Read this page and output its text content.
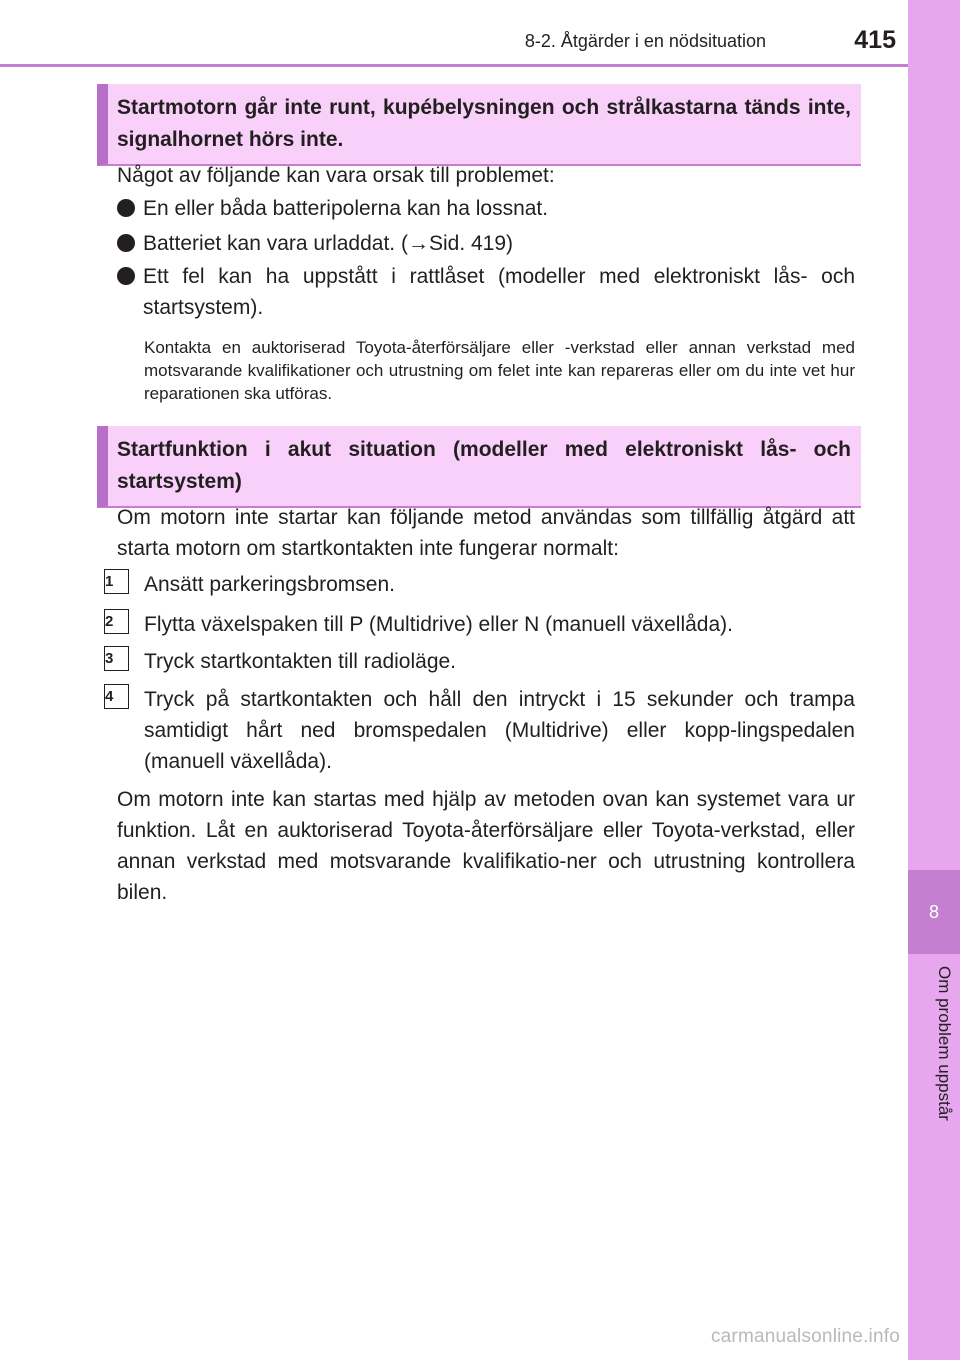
8-2. Åtgärder i en nödsituation	415
8
Om problem uppstår
Startmotorn går inte runt, kupébelysningen och strålkastarna tänds inte, signalhornet hörs inte.
Något av följande kan vara orsak till problemet:
En eller båda batteripolerna kan ha lossnat.
Batteriet kan vara urladdat. (→Sid. 419)
Ett fel kan ha uppstått i rattlåset (modeller med elektroniskt lås- och startsystem).
Kontakta en auktoriserad Toyota-återförsäljare eller -verkstad eller annan verkstad med motsvarande kvalifikationer och utrustning om felet inte kan repareras eller om du inte vet hur reparationen ska utföras.
Startfunktion i akut situation (modeller med elektroniskt lås- och startsystem)
Om motorn inte startar kan följande metod användas som tillfällig åtgärd att starta motorn om startkontakten inte fungerar normalt:
1	Ansätt parkeringsbromsen.
2	Flytta växelspaken till P (Multidrive) eller N (manuell växellåda).
3	Tryck startkontakten till radioläge.
4	Tryck på startkontakten och håll den intryckt i 15 sekunder och trampa samtidigt hårt ned bromspedalen (Multidrive) eller kopp-lingspedalen (manuell växellåda).
Om motorn inte kan startas med hjälp av metoden ovan kan systemet vara ur funktion. Låt en auktoriserad Toyota-återförsäljare eller Toyota-verkstad, eller annan verkstad med motsvarande kvalifikatio-ner och utrustning kontrollera bilen.
carmanualsonline.info
